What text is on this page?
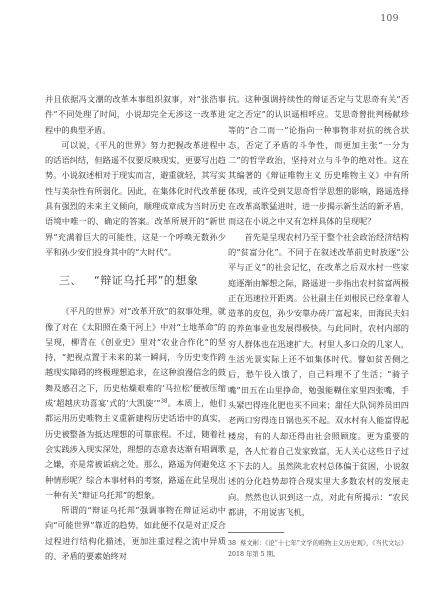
109

并且依据冯文潮的改革本事组织叙事，对“张浩事件”不同处理了时间，小说却完全无涉这一改革进程中的典型矛盾。

可以说，《平凡的世界》努力把握改革进程中的话语纠结，但路遥不仅要反映现实，更要写出趋势。小说叙述相对于现实而言，避重就轻，其写实性与美杂性有所弱化。因此，在集体化时代改革便具有强烈的未来主义倾向，顺理成章成为当时历史语境中唯一的、确定的答案。改革所展开的“新世界”充满着巨大的可能性，这是一个呼唤无数孙少平和孙少安们投身其中的“大时代”。

三、 “辩证乌托邦”的想象

《平凡的世界》对“改革开放”的叙事处理，就像了对在《太阳照在桑干河上》中对“土地革命”的呈现，柳青在《创业史》里对“农业合作化”的坚持，“把视点置于未来的某一瞬间，今历史变作跨越现实障碍的终极理想追求，在这种浪漫信念的鼓舞及感召之下，历史枯燥艰难的‘马拉松’便被压缩成‘超越庆功喜宴’式的‘大凯旋’”$^{38}$。本质上，他们都运用历史唯物主义重新建构历史话语中的真实，历史被整备为抵达理想的可靠旅程。不过，随着社会实践涉入现实深处，理想的态意表达渐有唱调歌之嫌，亦是常被诟病之处。那么，路遥为何避免这种情形呢？综合本事材料的考察，路遥在此呈现出一种有关“辩证乌托邦”的想象。

所谓的“辩证乌托邦”强调事物在辩证运动中向“可能世界”靠近的趋势，如此便不仅是对正反合过程进行结构化描述，更加注重过程之流中异质的、矛盾的要素始终对

抗。这种强调持续性的辩证否定与艾思奇有关“否定之否定”的认识遥相呼应。艾思奇曾批判杨献珍等的“合二而一”论指向一种事物非对抗的统合状态，否定了矛盾的斗争性，而更加主张“一分为二”的哲学政治，坚持对立与斗争的绝对性。这在其编著的《辩证唯物主义 历史唯物主义》中有所体现，或许受到艾思奇哲学思想的影响，路遥选择在改革高歌猛进时，进一步揭示新生活的新矛盾，而这在小说之中又有怎样具体的呈现呢？

首先是呈现农村乃至于整个社会政治经济结构的“贫富分化”。不同于在叙述改革前史时放逐“公平与正义”的社会记忆，在改革之后双水村一些家庭逐渐由解想之际，路遥进一步指出农村贫富两极正在迅速拉开距离。公社副主任刘根民已经拿着人造革的皮包，孙少安靠办砖厂富起来，田海民夫妇的养鱼事业也发展得极快。与此同时，农村内部的穷人群体也在迅速扩大。村里人多口众的几家人，生活光景实际上还不如集体时代。譬如贫苦侧之后，愁午役入饿了，自己料理不了生活；“骑子嘴”田五在山里挣命，勉强能糊住家里四张嘴，手头紧巴得连化肥也买不回来；甜任大队饲养员田四老两口穷得连日锅也买不起。双水村有人能富得起楼房，有的人却还得由社会照顾度。更为重要的是，各人忙着自己发家致富，无人关心这些日子过不下去的人。虽然陕北农村总体偏于贫困，小说叙述的分化趋势却符合现实里大多数农村的发展走向。然然也认识到这一点，对此有所揭示：“农民都讲，不用说害飞机，

38 蔡文彬：《论“十七年”文学的唯物主义历史观》，《当代文坛》2018 年第 5 期。
